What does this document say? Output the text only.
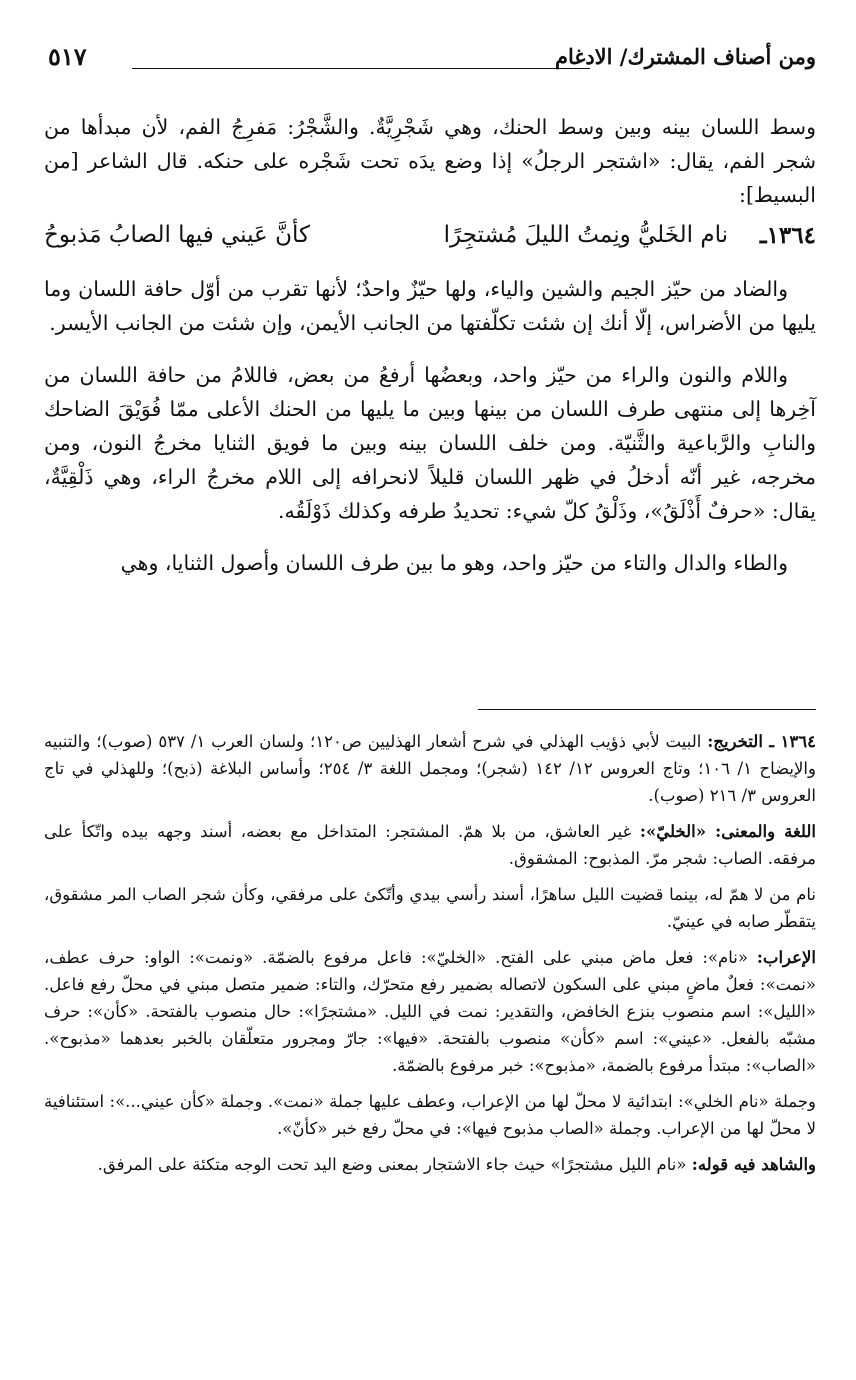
ومن أصناف المشترك/ الادغام
٥١٧

وسط اللسان بينه وبين وسط الحنك، وهي شَجْرِيَّةٌ. والشَّجْرُ: مَفرِجُ الفم، لأن مبدأها من شجر الفم، يقال: «اشتجر الرجلُ» إذا وضع يدَه تحت شَجْره على حنكه. قال الشاعر [من البسيط]:

١٣٦٤ـ
نام الخَليُّ ونِمتُ الليلَ مُشتجِرًا
كأنَّ عَيني فيها الصابُ مَذبوحُ

والضاد من حيّز الجيم والشين والياء، ولها حيّزٌ واحدٌ؛ لأنها تقرب من أوّل حافة اللسان وما يليها من الأضراس، إلّا أنك إن شئت تكلّفتها من الجانب الأيمن، وإن شئت من الجانب الأيسر.

واللام والنون والراء من حيّز واحد، وبعضُها أرفعُ من بعض، فاللامُ من حافة اللسان من آخِرها إلى منتهى طرف اللسان من بينها وبين ما يليها من الحنك الأعلى ممّا فُوَيْقَ الضاحك والنابِ والرَّباعية والثَّنيّة. ومن خلف اللسان بينه وبين ما فويق الثنايا مخرجُ النون، ومن مخرجه، غير أنّه أدخلُ في ظهر اللسان قليلاً لانحرافه إلى اللام مخرجُ الراء، وهي ذَلْقِيَّةٌ، يقال: «حرفٌ أَذْلَقُ»، وذَلْقُ كلّ شيء: تحديدُ طرفه وكذلك ذَوْلَقُه.

والطاء والدال والتاء من حيّز واحد، وهو ما بين طرف اللسان وأصول الثنايا، وهي

١٣٦٤ ـ التخريج: البيت لأبي ذؤيب الهذلي في شرح أشعار الهذليين ص١٢٠؛ ولسان العرب ١/ ٥٣٧ (صوب)؛ والتنبيه والإيضاح ١/ ١٠٦؛ وتاج العروس ١٢/ ١٤٢ (شجر)؛ ومجمل اللغة ٣/ ٢٥٤؛ وأساس البلاغة (ذبح)؛ وللهذلي في تاج العروس ٣/ ٢١٦ (صوب).

اللغة والمعنى: «الخليّ»: غير العاشق، من بلا همّ. المشتجر: المتداخل مع بعضه، أسند وجهه بيده واتّكأ على مرفقه. الصاب: شجر مرّ. المذبوح: المشقوق.

نام من لا همّ له، بينما قضيت الليل ساهرًا، أسند رأسي بيدي وأتّكئ على مرفقي، وكأن شجر الصاب المر مشقوق، يتقطّر صابه في عينيّ.

الإعراب: «نام»: فعل ماض مبني على الفتح. «الخليّ»: فاعل مرفوع بالضمّة. «ونمت»: الواو: حرف عطف، «نمت»: فعلٌ ماضٍ مبني على السكون لاتصاله بضمير رفع متحرّك، والتاء: ضمير متصل مبني في محلّ رفع فاعل. «الليل»: اسم منصوب بنزع الخافض، والتقدير: نمت في الليل. «مشتجرًا»: حال منصوب بالفتحة. «كأن»: حرف مشبّه بالفعل. «عيني»: اسم «كأن» منصوب بالفتحة. «فيها»: جارّ ومجرور متعلّقان بالخبر بعدهما «مذبوح». «الصاب»: مبتدأ مرفوع بالضمة، «مذبوح»: خبر مرفوع بالضمّة.

وجملة «نام الخلي»: ابتدائية لا محلّ لها من الإعراب، وعطف عليها جملة «نمت». وجملة «كأن عيني...»: استئنافية لا محلّ لها من الإعراب. وجملة «الصاب مذبوح فيها»: في محلّ رفع خبر «كأنّ».

والشاهد فيه قوله: «نام الليل مشتجرًا» حيث جاء الاشتجار بمعنى وضع اليد تحت الوجه متكئة على المرفق.
